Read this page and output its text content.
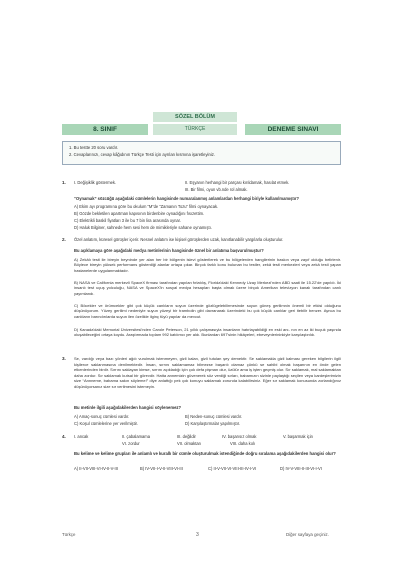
SÖZEL BÖLÜM
8. SINIF	TÜRKÇE	DENEME SINAVI
1. Bu testte 20 soru vardır.
2. Cevaplarınızı, cevap kâğıdının Türkçe Testi için ayrılan kısmına işaretleyiniz.
1. I. Değişiklik göstermek.	II. Eşyanın herhangi bir parçası kırıldamak, hasılat etmek.
III. Bir filmi, oyun vb.nde rol almak.
“Oynamak” sözcüğü aşağıdaki cümlelerin hangisinde numaralanmış anlamlardan herhangi biriyle kullanılmamıştır?
A) Ekim ayı programına göre bu okulum “M”de “Zamanın Tozu” filmi oynayacak.
B) Gözde bekletilen apartman kapısının birdenbire oynadığını fısızettim.
C) Elektrikli baskil fiyatları 3 ile bu 7 bin lira arasında oynar.
D) Haluk Bilginer, sahnede hem sesi hem de mimikleriyle sahane oynamıştı.
2. Özel anlatım, küresel görüşler içerir. Nesnel anlatım ise kişisel görüşlerden uzak, kanıtlanabilir yargılarla oluşturulur.
Bu açıklamaya göre aşağıdaki medya metinlerinin hangisinde öznel bir anlatıma başvurulmuştur?
A) Zekâlı testi ile bireyin beyninde yer alan her bir bölgenin islevi gösterilerek ve bu bölgelerden hangilerinin baskın veya zayıf olduğu belirlenir. Böylece bireyin yüksek performans gösterdiği alanlar ortaya çıkar. Birçok farklı konu bulunan bu testler, zekâ testi merkezleri veya zekâ testi yapan hastanelerde uygulanmaktadır.
B) NASA ve California merkezli SpaceX firması tarafından yapılan fırlatılış, Florida'daki Kennedy Uzay Merkezi'nden ABD saati ile 15.22'de yapıldı. İki insanlı test uçuş yolculuğu, NASA ve SpaceX'in sosyal medya hesapları başta olmak üzere birçok Amerikan televizyon kanalı tarafından canlı yayımlandı.
C) Böcekler ve örümcekler gibi çok küçük canlıların soyun üzerinde gözlügelebilirmesinde soyun güneş gerilimnin önemli bir etkisi olduğunu düşünüyorum. Yüzey gerilimi nedeniyle suyun yüzeyi bir trambolin gibi davranarak üzerindeki bu çok küçük canlılar geri itebilir benzer. Aynca bu canlıların barındırılarda suyun ilen özelikle ilginç tüyü yapılar da mevcut.
D) Kanada'daki Memorial Üniversitesi'nden Carole Peterson, 21 yıllık çalışmasıyla insanların hatırlayabildiği en eski anı- nın en az iki buçuk yaşında oluşabileceğini ortaya koydu. Araştırmada toplam 992 katılımcı yer aldı. Bunlardan 697'sinin hikâyeleri, ebeveynlerininkiyle karşılaştırıldı.
3. Se, vardığı veya bazı yönleri ağdı vurulmak istenmeyen, gizli kalan, gizli tutulan şey demektir. Se saklamakla gizli kalması gereken bilgilerin ilgili kişilerce saklanmasına denilmektedir. İnsan, sırrını saklamamaz bilmezse başarılı olamaz çünkü se sahibi olmak başarının en önde gelen etkenlerinden birdir. Sırrını saklayan kimse, sırrını açıkladığı için çok defa pişman olur, üzülür ama iş işten geçmiş olur. Sır saklamak, mal saklamaktan daha zordur. Sır saklamak kutsal bir görevdir. Hatta annemizin güvenerek söz verdiği sırları, babamızın sizinle paylaştığı seçilen veya kardeşlerimizin size “Annneme, babama sakın söyleme!” diye anlattığı pek çok konuyu saklamak zorunda kalabilirsiniz. Eğer sır saklamak konusunda zorlandığınız düşünüyorsanız size sır verilmesini istemeyin.
Bu metinle ilgili aşağıdakilerden hangisi söylenemez?
A) Amaç-sonuç cümlesi vardır.	B) Neden-sonuç cümlesi vardır.
C) Koşul cümlelerine yer verilmiştir.	D) Karşılaştırmalar yapılmıştır.
4. I. ancak	II. çabalamama	III. değildir	IV. başarısız olmak	V. başarmak için
VI. zordur	VII. olmaktan	VIII. daha kolı
Bu kelime ve kelime grupları ile anlamlı ve kurallı bir cümle oluşturulmak istendiğinde doğru sıralama aşağıdakilerden hangisi olur?
A) II-VII-VIII-VI-IV-II-V-III	B) IV-VII-I-V-II-VIII-VI-III	C) II-V-VII-VI-VIII-III-IV-I-VI	D) IV-V-VIII-II-III-VI-I-VI
Türkçe	3	Diğer sayfaya geçiniz.
